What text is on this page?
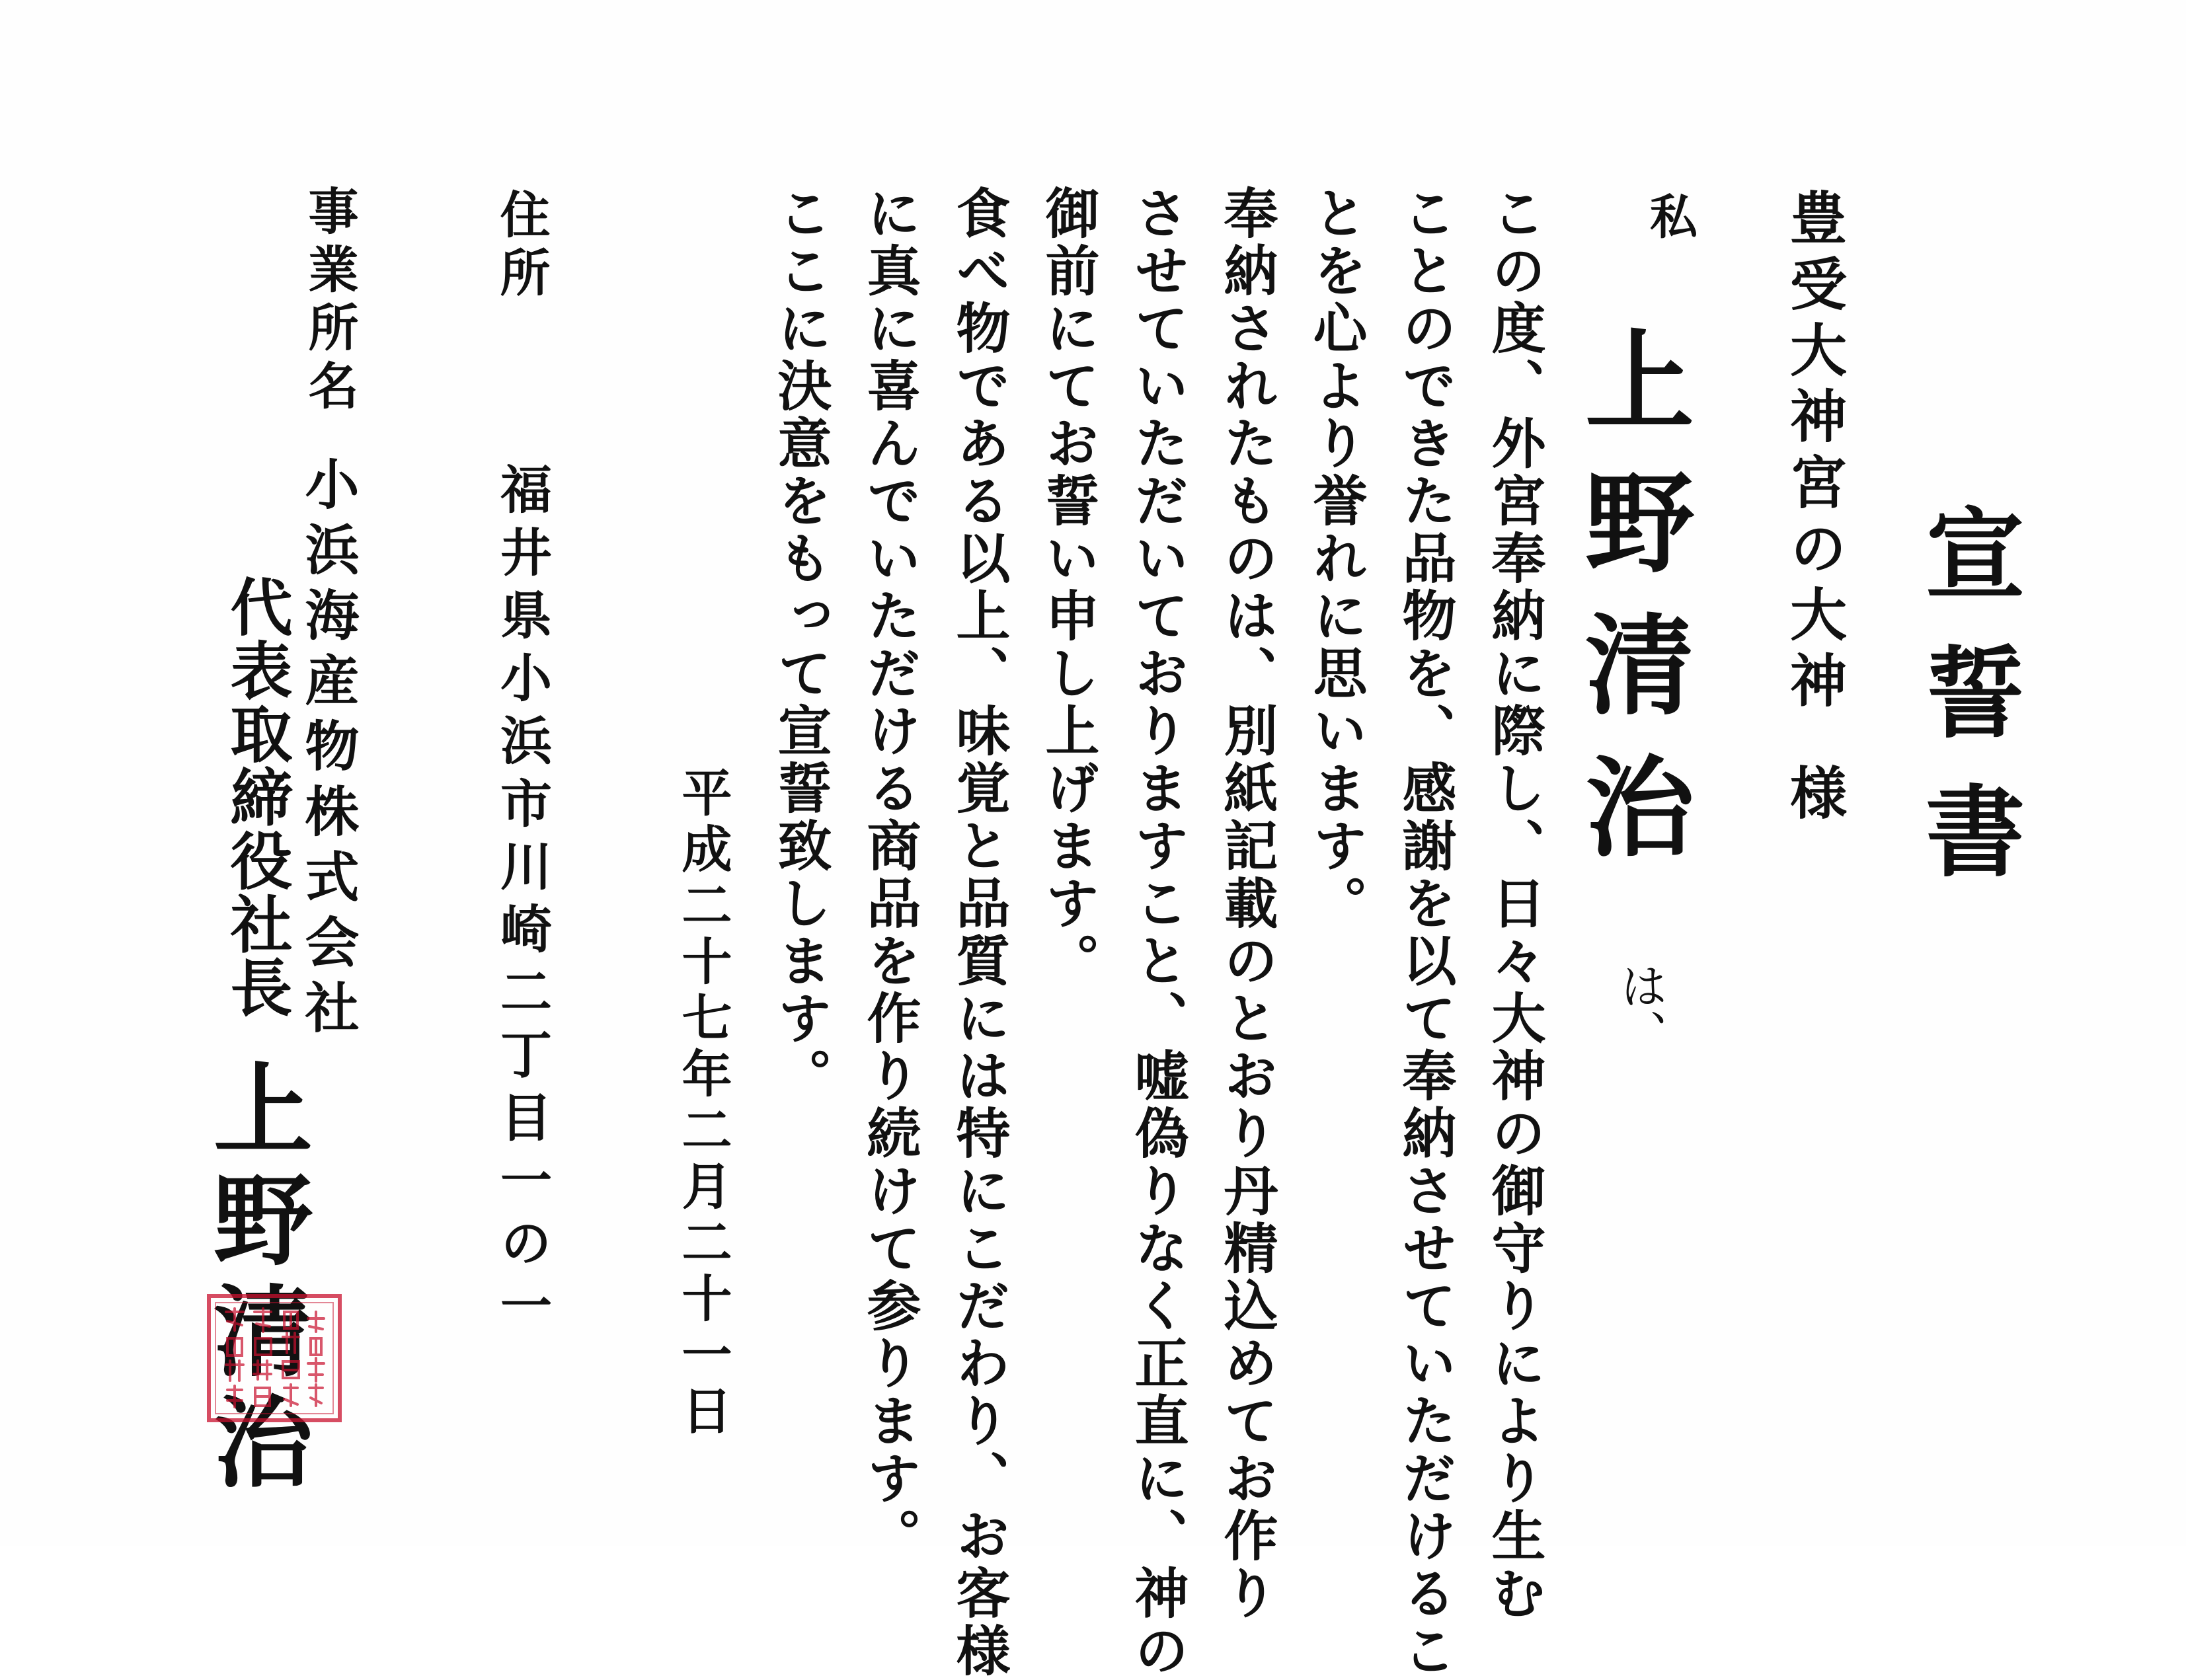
宣誓書
豊受大神宮の大神様
私
上野清治
は、
この度、外宮奉納に際し、日々大神の御守りにより生む
ことのできた品物を、感謝を以て奉納させていただけるこ
とを心より誉れに思います。
奉納されたものは、別紙記載のとおり丹精込めてお作り
させていただいておりますこと、嘘偽りなく正直に、神の
御前にてお誓い申し上げます。
食べ物である以上、味覚と品質には特にこだわり、お客様
に真に喜んでいただける商品を作り続けて参ります。
ここに決意をもって宣誓致します。
平成二十七年二月二十一日
住所
福井県小浜市川崎二丁目一の一
事業所名
小浜海産物株式会社
代表取締役社長
上野清治
